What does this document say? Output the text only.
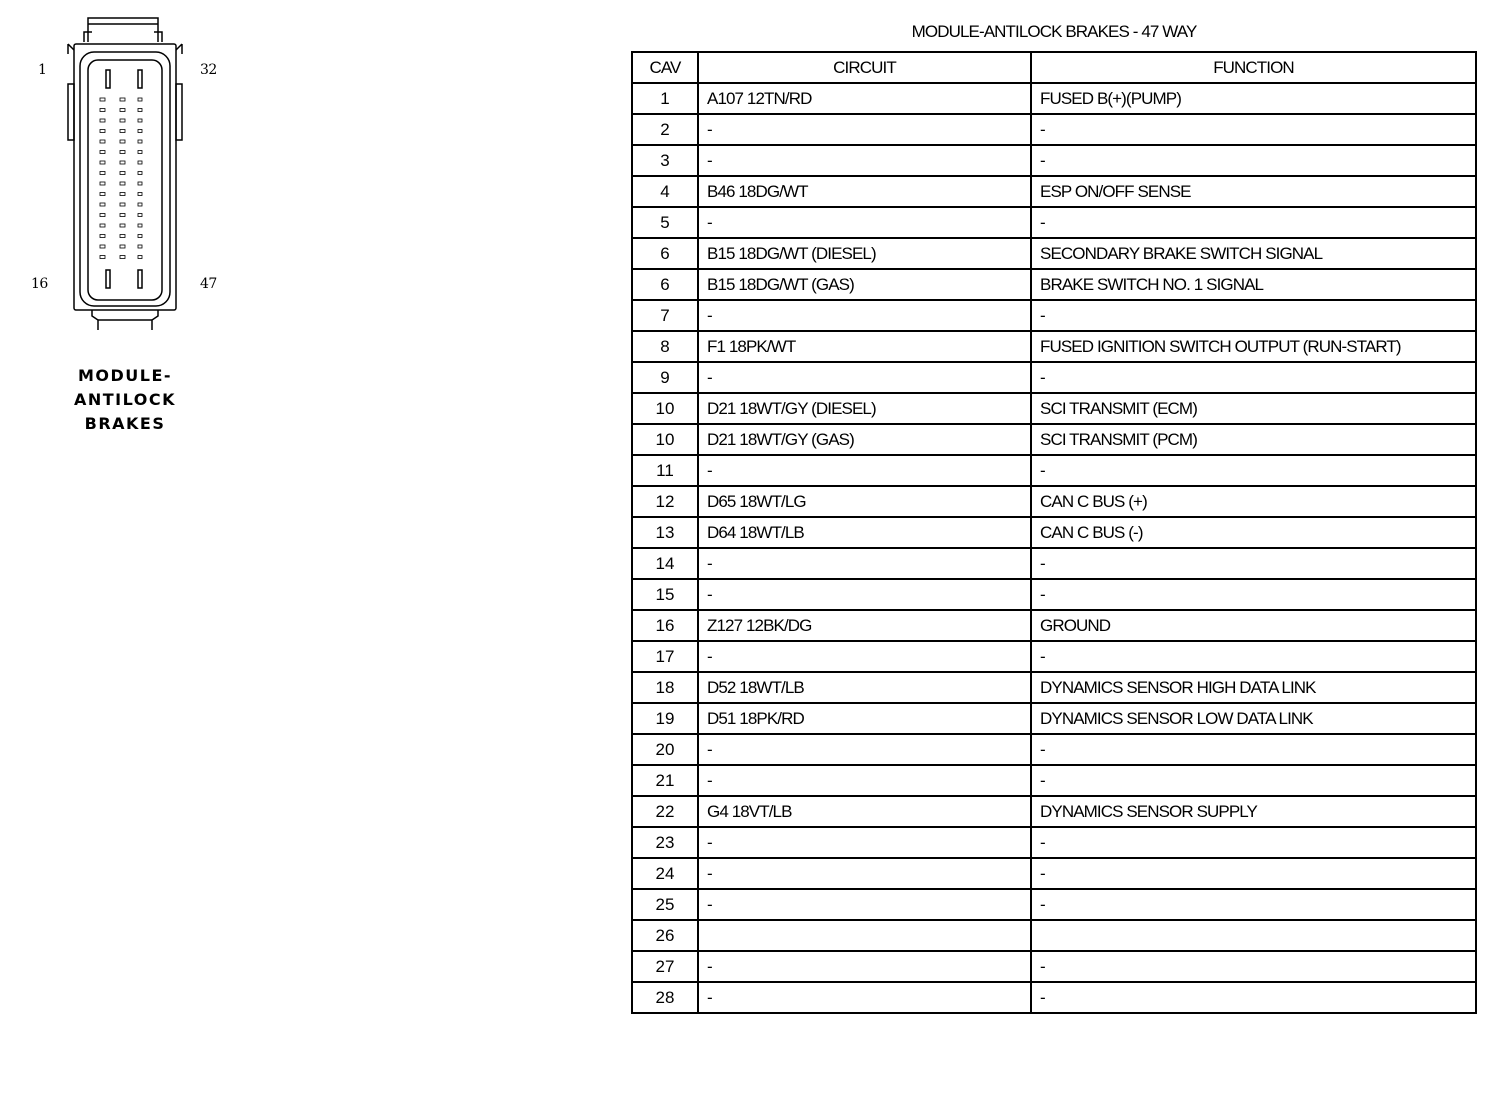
1	32
16	47
MODULE-
ANTILOCK
BRAKES
MODULE-ANTILOCK BRAKES - 47 WAY
CAV	CIRCUIT	FUNCTION
1	A107 12TN/RD	FUSED B(+)(PUMP)
2	-	-
3	-	-
4	B46 18DG/WT	ESP ON/OFF SENSE
5	-	-
6	B15 18DG/WT (DIESEL)	SECONDARY BRAKE SWITCH SIGNAL
6	B15 18DG/WT (GAS)	BRAKE SWITCH NO. 1 SIGNAL
7	-	-
8	F1 18PK/WT	FUSED IGNITION SWITCH OUTPUT (RUN-START)
9	-	-
10	D21 18WT/GY (DIESEL)	SCI TRANSMIT (ECM)
10	D21 18WT/GY (GAS)	SCI TRANSMIT (PCM)
11	-	-
12	D65 18WT/LG	CAN C BUS (+)
13	D64 18WT/LB	CAN C BUS (-)
14	-	-
15	-	-
16	Z127 12BK/DG	GROUND
17	-	-
18	D52 18WT/LB	DYNAMICS SENSOR HIGH DATA LINK
19	D51 18PK/RD	DYNAMICS SENSOR LOW DATA LINK
20	-	-
21	-	-
22	G4 18VT/LB	DYNAMICS SENSOR SUPPLY
23	-	-
24	-	-
25	-	-
26		
27	-	-
28	-	-
